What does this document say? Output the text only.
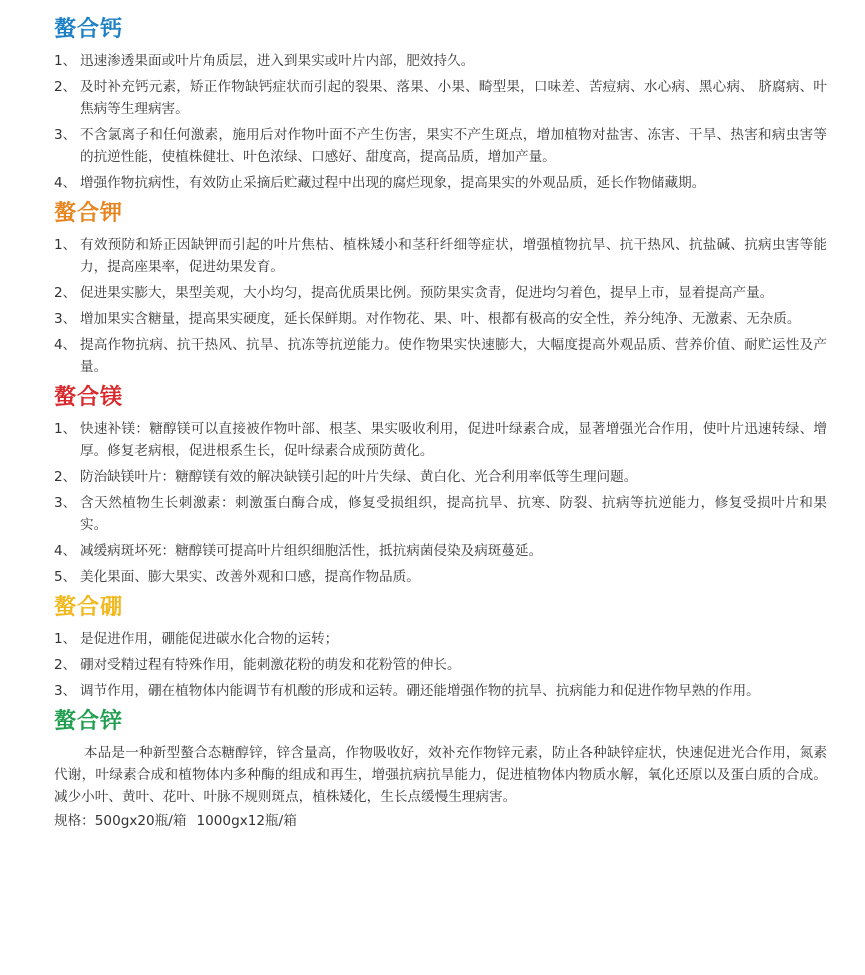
螯合钙
1、 迅速渗透果面或叶片角质层，进入到果实或叶片内部，肥效持久。
2、 及时补充钙元素，矫正作物缺钙症状而引起的裂果、落果、小果、畸型果，口味差、苦痘病、水心病、黑心病、 脐腐病、叶焦病等生理病害。
3、 不含氯离子和任何激素，施用后对作物叶面不产生伤害，果实不产生斑点，增加植物对盐害、冻害、干旱、热害和病虫害等的抗逆性能，使植株健壮、叶色浓绿、口感好、甜度高，提高品质，增加产量。
4、 增强作物抗病性，有效防止采摘后贮藏过程中出现的腐烂现象，提高果实的外观品质，延长作物储藏期。
螯合钾
1、 有效预防和矫正因缺钾而引起的叶片焦枯、植株矮小和茎秆纤细等症状，增强植物抗旱、抗干热风、抗盐碱、抗病虫害等能力，提高座果率，促进幼果发育。
2、 促进果实膨大，果型美观，大小均匀，提高优质果比例。预防果实贪青，促进均匀着色，提早上市，显着提高产量。
3、 增加果实含糖量，提高果实硬度，延长保鲜期。对作物花、果、叶、根都有极高的安全性，养分纯净、无激素、无杂质。
4、 提高作物抗病、抗干热风、抗旱、抗冻等抗逆能力。使作物果实快速膨大，大幅度提高外观品质、营养价值、耐贮运性及产量。
螯合镁
1、 快速补镁：糖醇镁可以直接被作物叶部、根茎、果实吸收利用，促进叶绿素合成，显著增强光合作用，使叶片迅速转绿、增厚。修复老病根，促进根系生长，促叶绿素合成预防黄化。
2、 防治缺镁叶片：糖醇镁有效的解决缺镁引起的叶片失绿、黄白化、光合利用率低等生理问题。
3、 含天然植物生长刺激素：刺激蛋白酶合成，修复受损组织，提高抗旱、抗寒、防裂、抗病等抗逆能力，修复受损叶片和果实。
4、 减缓病斑坏死：糖醇镁可提高叶片组织细胞活性，抵抗病菌侵染及病斑蔓延。
5、 美化果面、膨大果实、改善外观和口感，提高作物品质。
螯合硼
1、 是促进作用，硼能促进碳水化合物的运转；
2、 硼对受精过程有特殊作用，能刺激花粉的萌发和花粉管的伸长。
3、 调节作用，硼在植物体内能调节有机酸的形成和运转。硼还能增强作物的抗旱、抗病能力和促进作物早熟的作用。
螯合锌

本品是一种新型螯合态糖醇锌，锌含量高，作物吸收好，效补充作物锌元素，防止各种缺锌症状，快速促进光合作用，氮素代谢，叶绿素合成和植物体内多种酶的组成和再生，增强抗病抗旱能力，促进植物体内物质水解，氧化还原以及蛋白质的合成。减少小叶、黄叶、花叶、叶脉不规则斑点，植株矮化，生长点缓慢生理病害。

规格：500gx20瓶/箱 1000gx12瓶/箱
